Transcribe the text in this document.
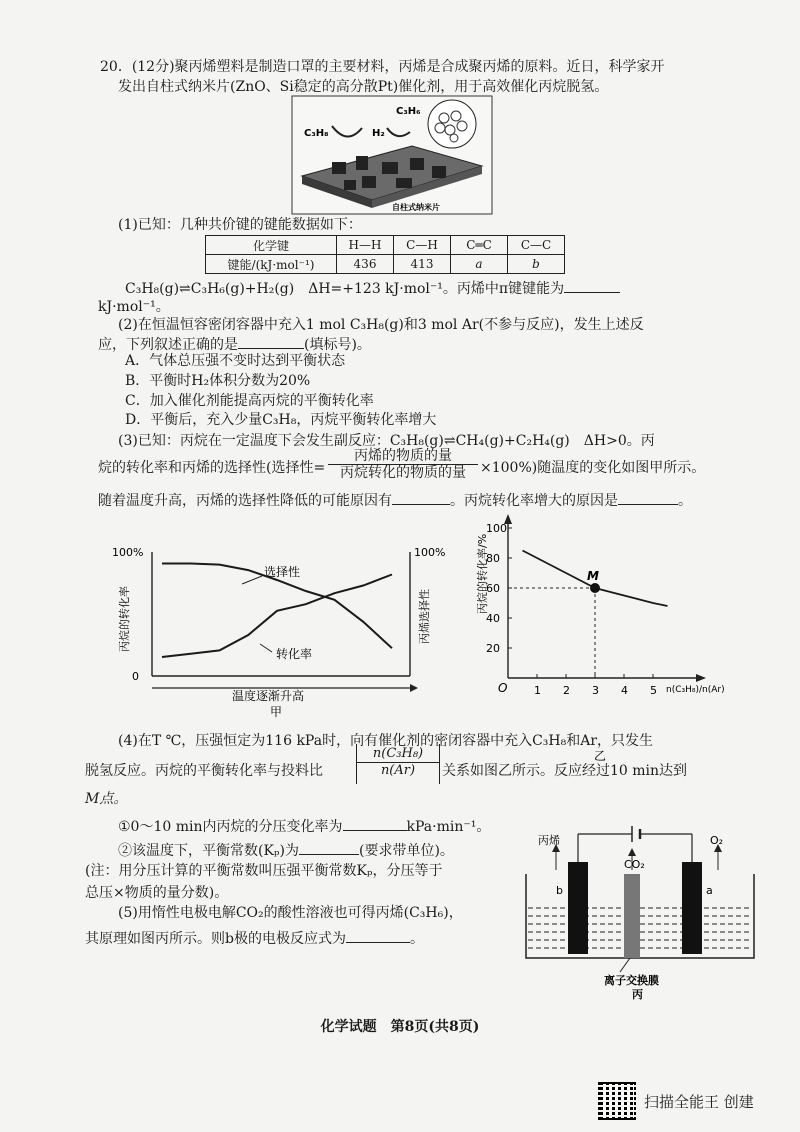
20．(12分)聚丙烯塑料是制造口罩的主要材料，丙烯是合成聚丙烯的原料。近日，科学家开
发出自柱式纳米片(ZnO、Si稳定的高分散Pt)催化剂，用于高效催化丙烷脱氢。
C₃H₈
C₃H₆
H₂
自柱式纳米片
(1)已知：几种共价键的键能数据如下：
化学键	H—H	C—H	C═C	C—C
键能/(kJ·mol⁻¹)	436	413	a	b
C₃H₈(g)⇌C₃H₆(g)+H₂(g)　ΔH=+123 kJ·mol⁻¹。丙烯中π键键能为
kJ·mol⁻¹。
(2)在恒温恒容密闭容器中充入1 mol C₃H₈(g)和3 mol Ar(不参与反应)，发生上述反
应，下列叙述正确的是	(填标号)。
A．气体总压强不变时达到平衡状态
B．平衡时H₂体积分数为20%
C．加入催化剂能提高丙烷的平衡转化率
D．平衡后，充入少量C₃H₈，丙烷平衡转化率增大
(3)已知：丙烷在一定温度下会发生副反应：C₃H₈(g)⇌CH₄(g)+C₂H₄(g)　ΔH>0。丙
烷的转化率和丙烯的选择性(选择性=
丙烯的物质的量
丙烷转化的物质的量	×100%)随温度的变化如图甲所示。
随着温度升高，丙烯的选择性降低的可能原因有	。丙烷转化率增大的原因是	。
100%	100%
0
选择性
转化率
丙烷的转化率	丙烯选择性
温度逐渐升高
甲
O
丙烷的转化率/%
n(C₃H₈)/n(Ar)
乙
1 2 3 4 5
20
40
60
80
100
M
(4)在T ℃，压强恒定为116 kPa时，向有催化剂的密闭容器中充入C₃H₈和Ar，只发生
脱氢反应。丙烷的平衡转化率与投料比	$\frac{\text{n(C₃H₈)}}{n(Ar)}$ 关系如图乙所示。反应经过10 min达到
M点。
①0～10 min内丙烷的分压变化率为	kPa·min⁻¹。
②该温度下，平衡常数(Kₚ)为	(要求带单位)。
(注：用分压计算的平衡常数叫压强平衡常数Kₚ，分压等于
总压×物质的量分数)。
(5)用惰性电极电解CO₂的酸性溶液也可得丙烯(C₃H₆)，
其原理如图丙所示。则b极的电极反应式为	。
丙烯
CO₂
O₂
b	a
离子交换膜
丙
化学试题　第8页(共8页)
扫描全能王 创建
